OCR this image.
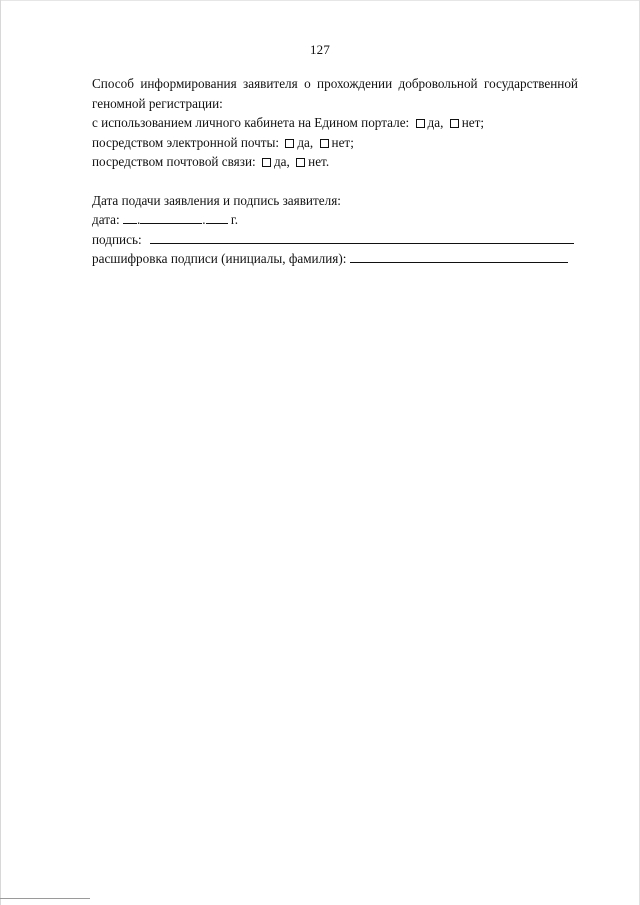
127
Способ информирования заявителя о прохождении добровольной государственной
геномной регистрации:
с использованием личного кабинета на Едином портале: да, нет;
посредством электронной почты: да, нет;
посредством почтовой связи: да, нет.
Дата подачи заявления и подпись заявителя:
дата: .	. г.
подпись:
расшифровка подписи (инициалы, фамилия):
